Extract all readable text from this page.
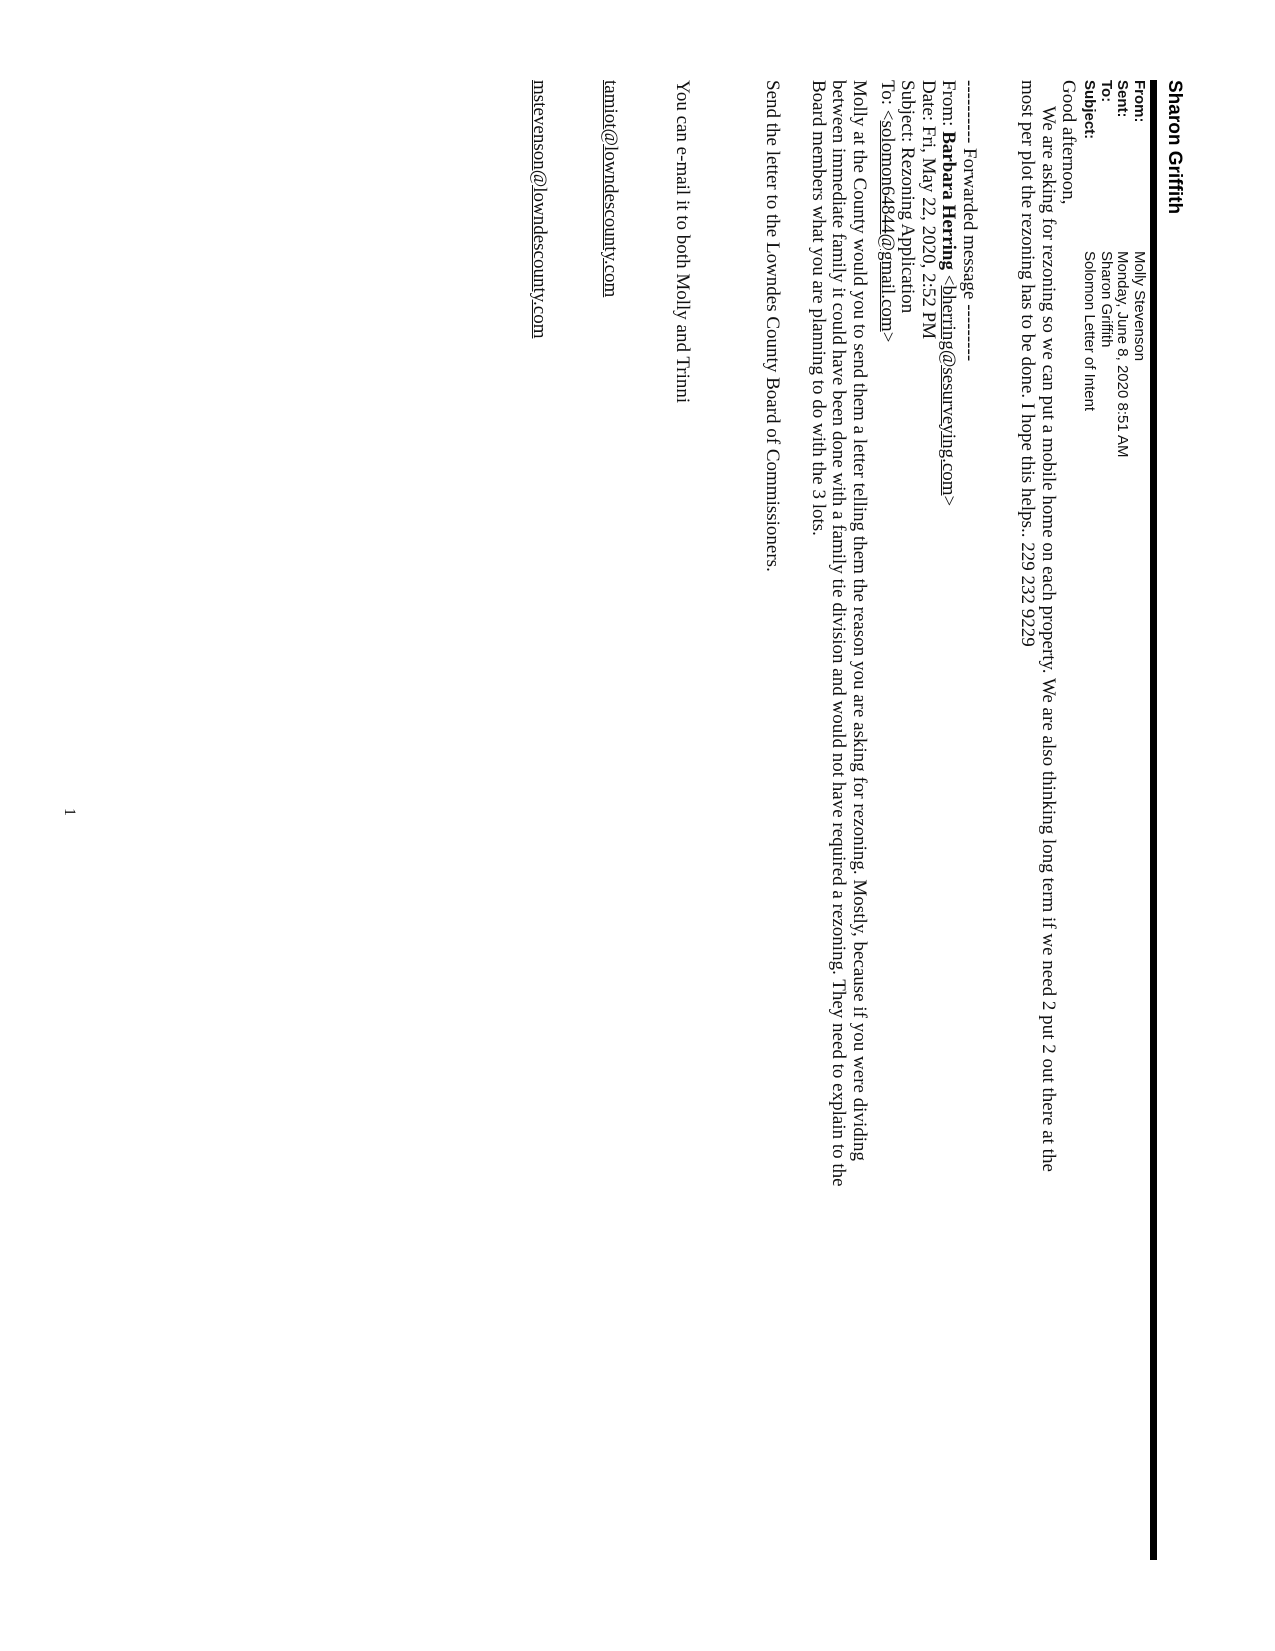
Sharon Griffith
From:
Molly Stevenson
Sent:
Monday, June 8, 2020 8:51 AM
To:
Sharon Griffith
Subject:
Solomon Letter of Intent

Good afternoon,

We are asking for rezoning so we can put a mobile home on each property. We are also thinking long term if we need 2 put 2 out there at the

most per plot the rezoning has to be done. I hope this helps.. 229 232 9229

---------- Forwarded message ---------

From: Barbara Herring <bherring@sesurveying.com>

Date: Fri, May 22, 2020, 2:52 PM

Subject: Rezoning Application

To: <solomon64844@gmail.com>

Molly at the County would you to send them a letter telling them the reason you are asking for rezoning. Mostly, because if you were dividing

between immediate family it could have been done with a family tie division and would not have required a rezoning. They need to explain to the

Board members what you are planning to do with the 3 lots.

Send the letter to the Lowndes County Board of Commissioners.

You can e-mail it to both Molly and Trinni

tamiot@lowndescounty.com

mstevenson@lowndescounty.com

1
